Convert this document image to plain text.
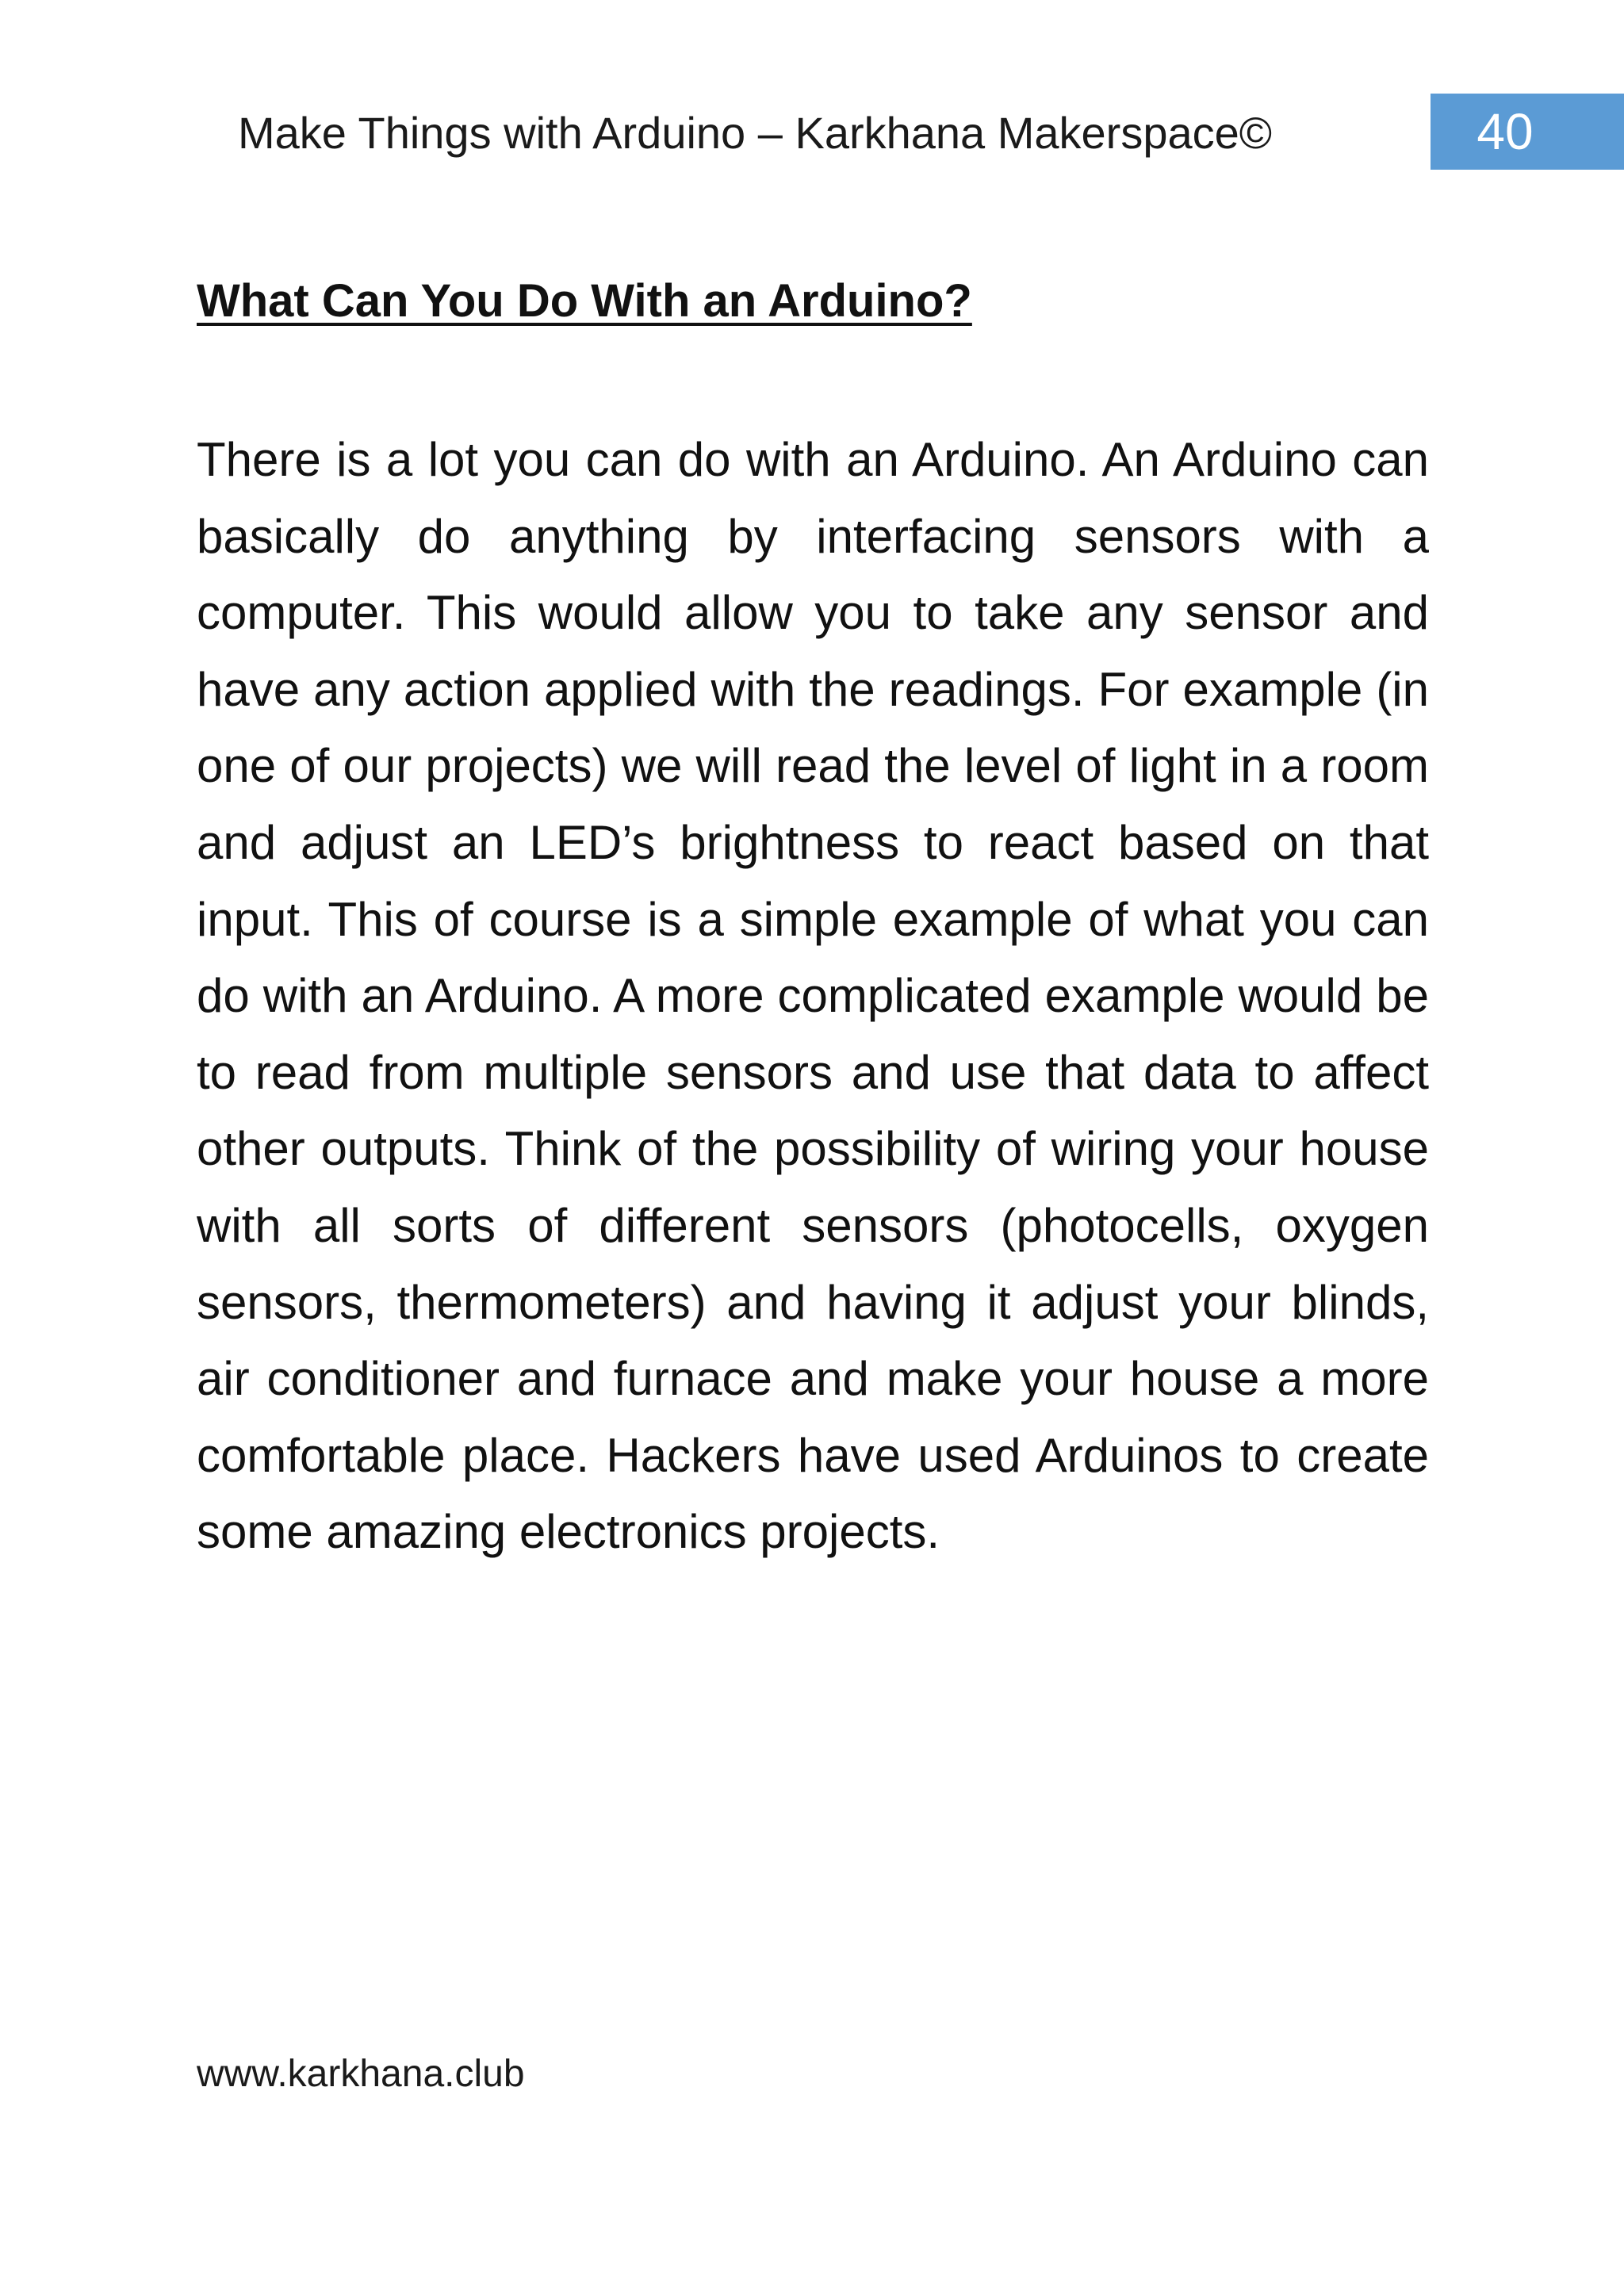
Make Things with Arduino – Karkhana Makerspace©	40
What Can You Do With an Arduino?

There is a lot you can do with an Arduino. An Arduino can basically do anything by interfacing sensors with a computer. This would allow you to take any sensor and have any action applied with the readings. For example (in one of our projects) we will read the level of light in a room and adjust an LED’s brightness to react based on that input. This of course is a simple example of what you can do with an Arduino. A more complicated example would be to read from multiple sensors and use that data to affect other outputs. Think of the possibility of wiring your house with all sorts of different sensors (photocells, oxygen sensors, thermometers) and having it adjust your blinds, air conditioner and furnace and make your house a more comfortable place. Hackers have used Arduinos to create some amazing electronics projects.

www.karkhana.club
